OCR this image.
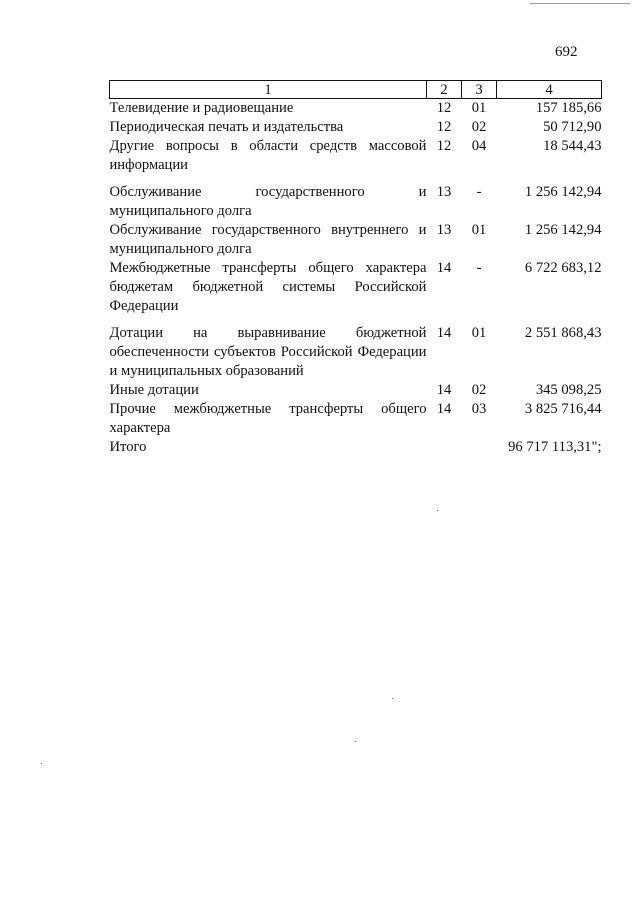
692
1	2	3	4
Телевидение и радиовещание	12	01	157 185,66
Периодическая печать и издательства	12	02	50 712,90
Другие вопросы в области средств массовой информации	12	04	18 544,43
Обслуживание государственного и муниципального долга	13	-	1 256 142,94
Обслуживание государственного внутреннего и муниципального долга	13	01	1 256 142,94
Межбюджетные трансферты общего характера бюджетам бюджетной системы Российской Федерации	14	-	6 722 683,12
Дотации на выравнивание бюджетной обеспеченности субъектов Российской Федерации и муниципальных образований	14	01	2 551 868,43
Иные дотации	14	02	345 098,25
Прочие межбюджетные трансферты общего характера	14	03	3 825 716,44
Итого			96 717 113,31";
